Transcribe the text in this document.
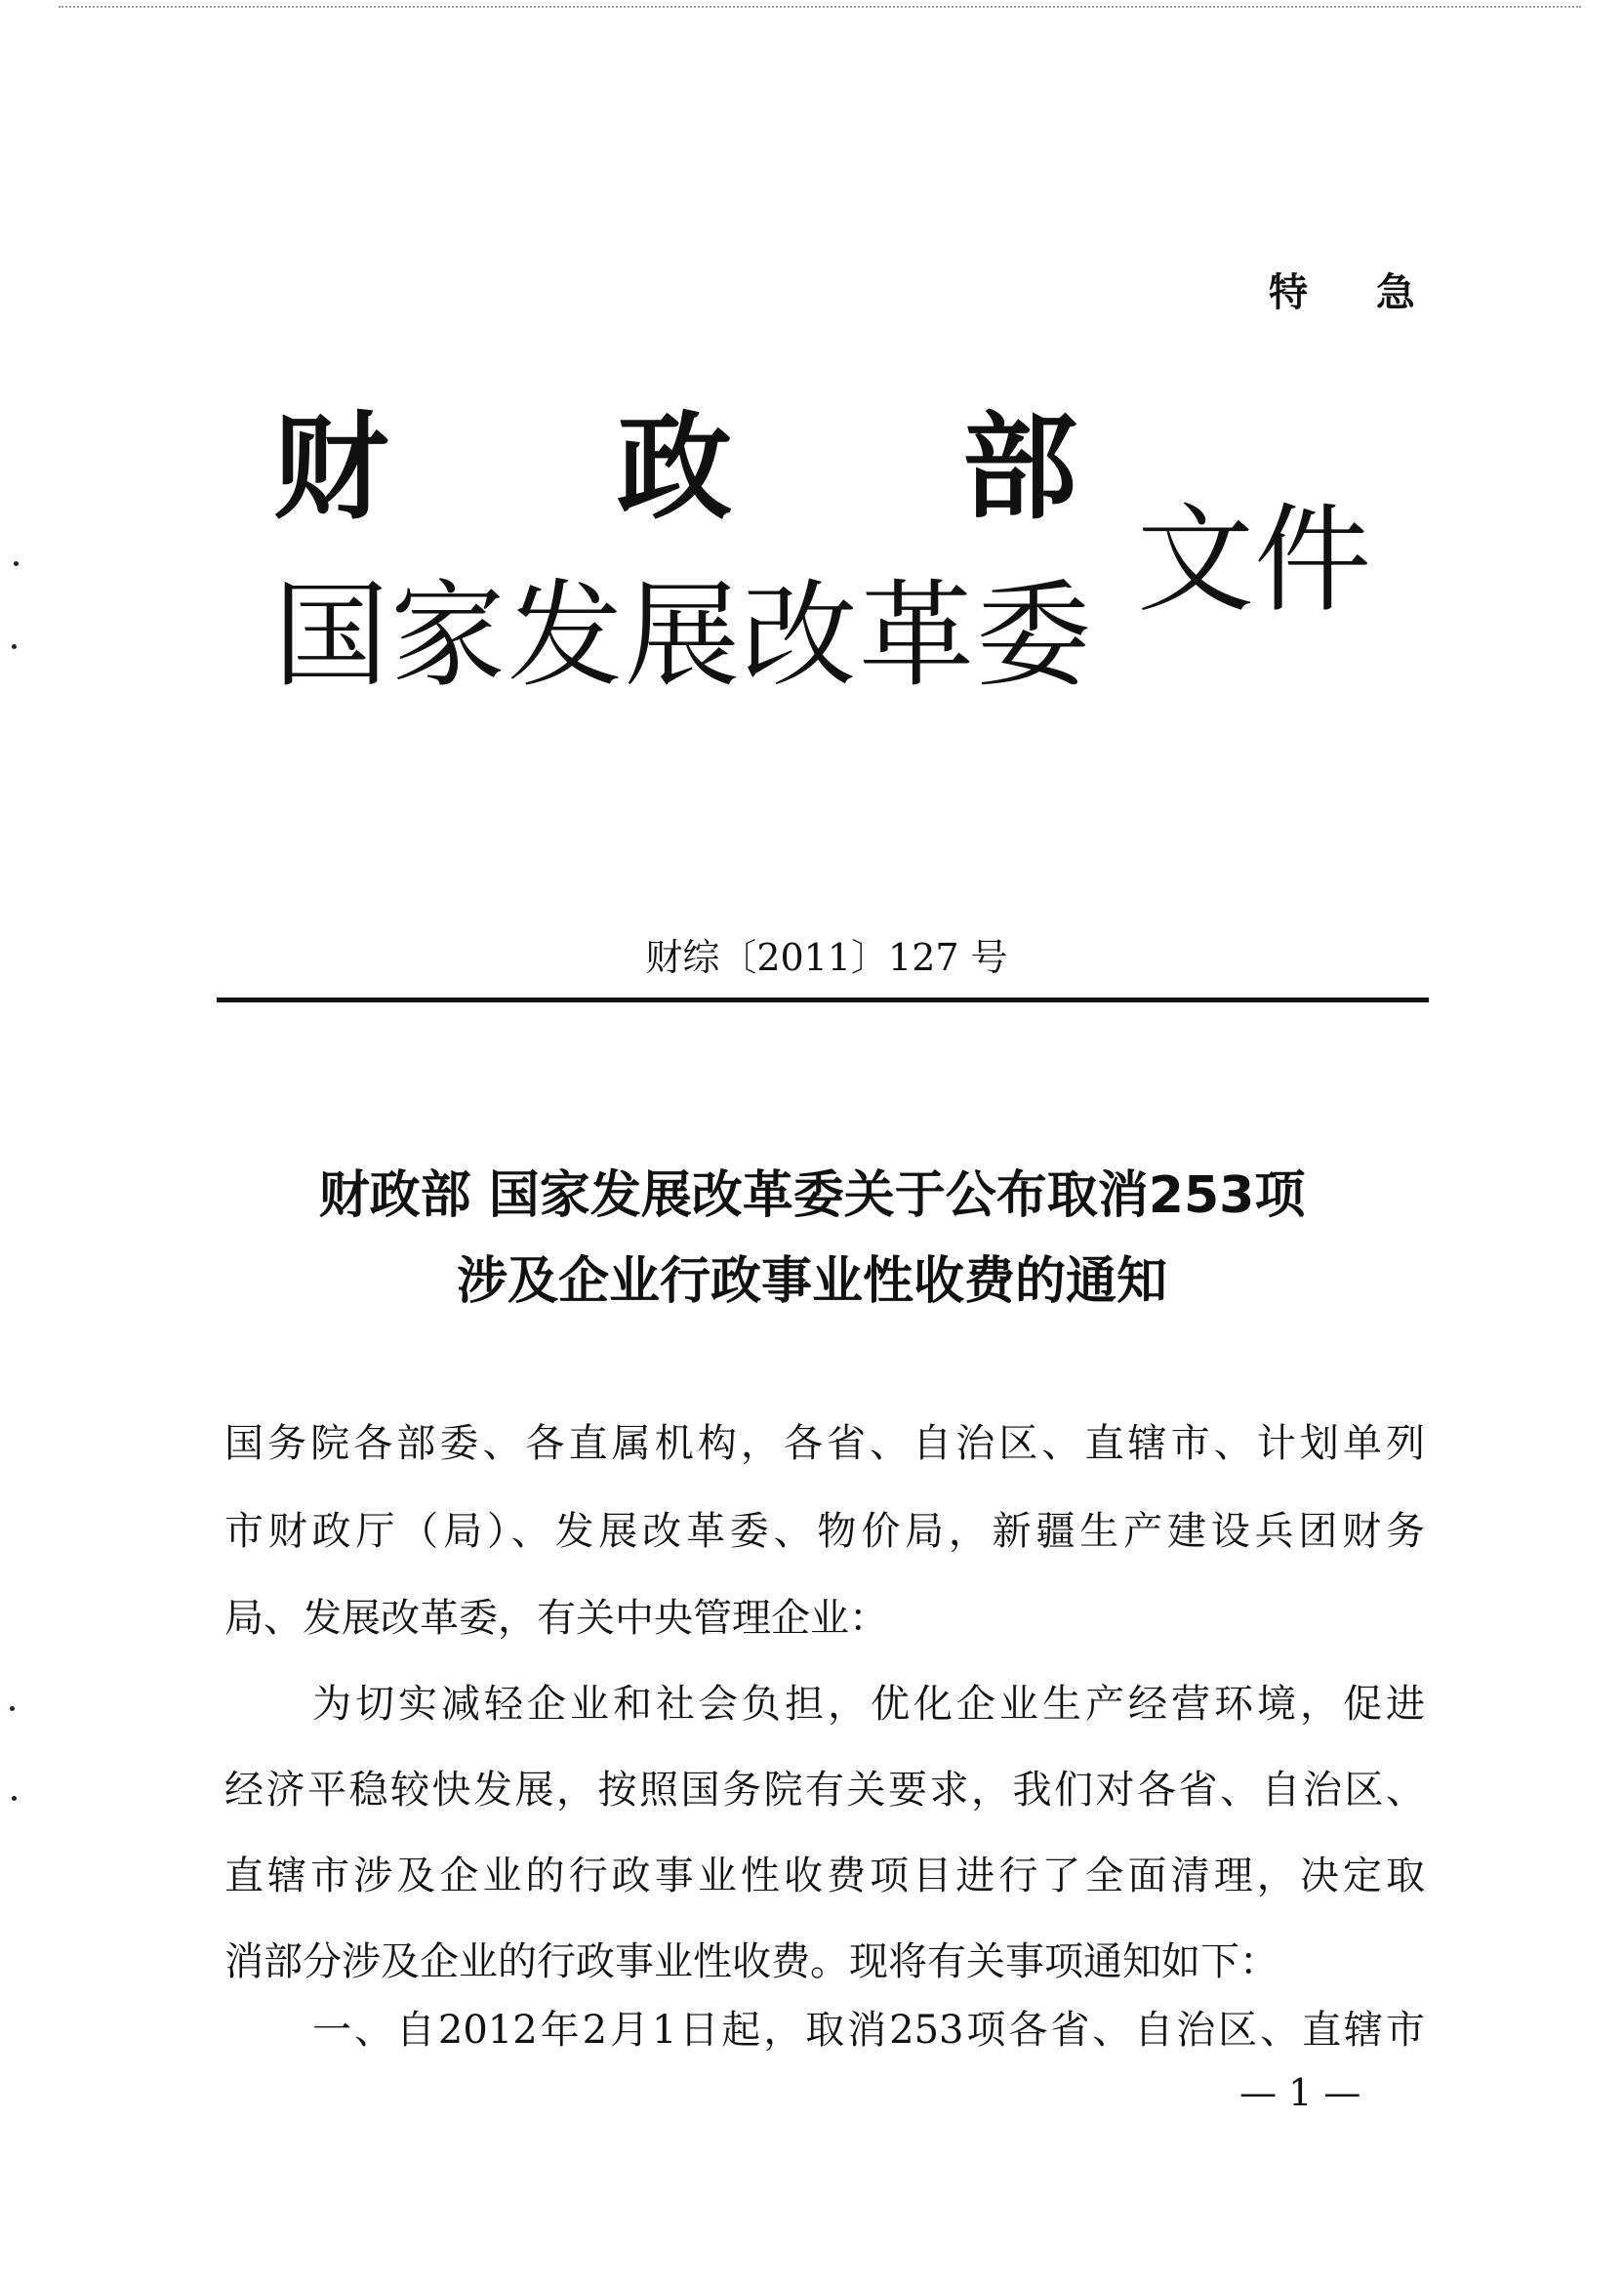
特 急
财 政 部
国家发展改革委
文件
财综〔2011〕127 号
财政部 国家发展改革委关于公布取消253项
涉及企业行政事业性收费的通知
国务院各部委、各直属机构，各省、自治区、直辖市、计划单列
市财政厅（局）、发展改革委、物价局，新疆生产建设兵团财务
局、发展改革委，有关中央管理企业：
为切实减轻企业和社会负担，优化企业生产经营环境，促进
经济平稳较快发展，按照国务院有关要求，我们对各省、自治区、
直辖市涉及企业的行政事业性收费项目进行了全面清理，决定取
消部分涉及企业的行政事业性收费。现将有关事项通知如下：
一、自2012年2月1日起，取消253项各省、自治区、直辖市
— 1 —
